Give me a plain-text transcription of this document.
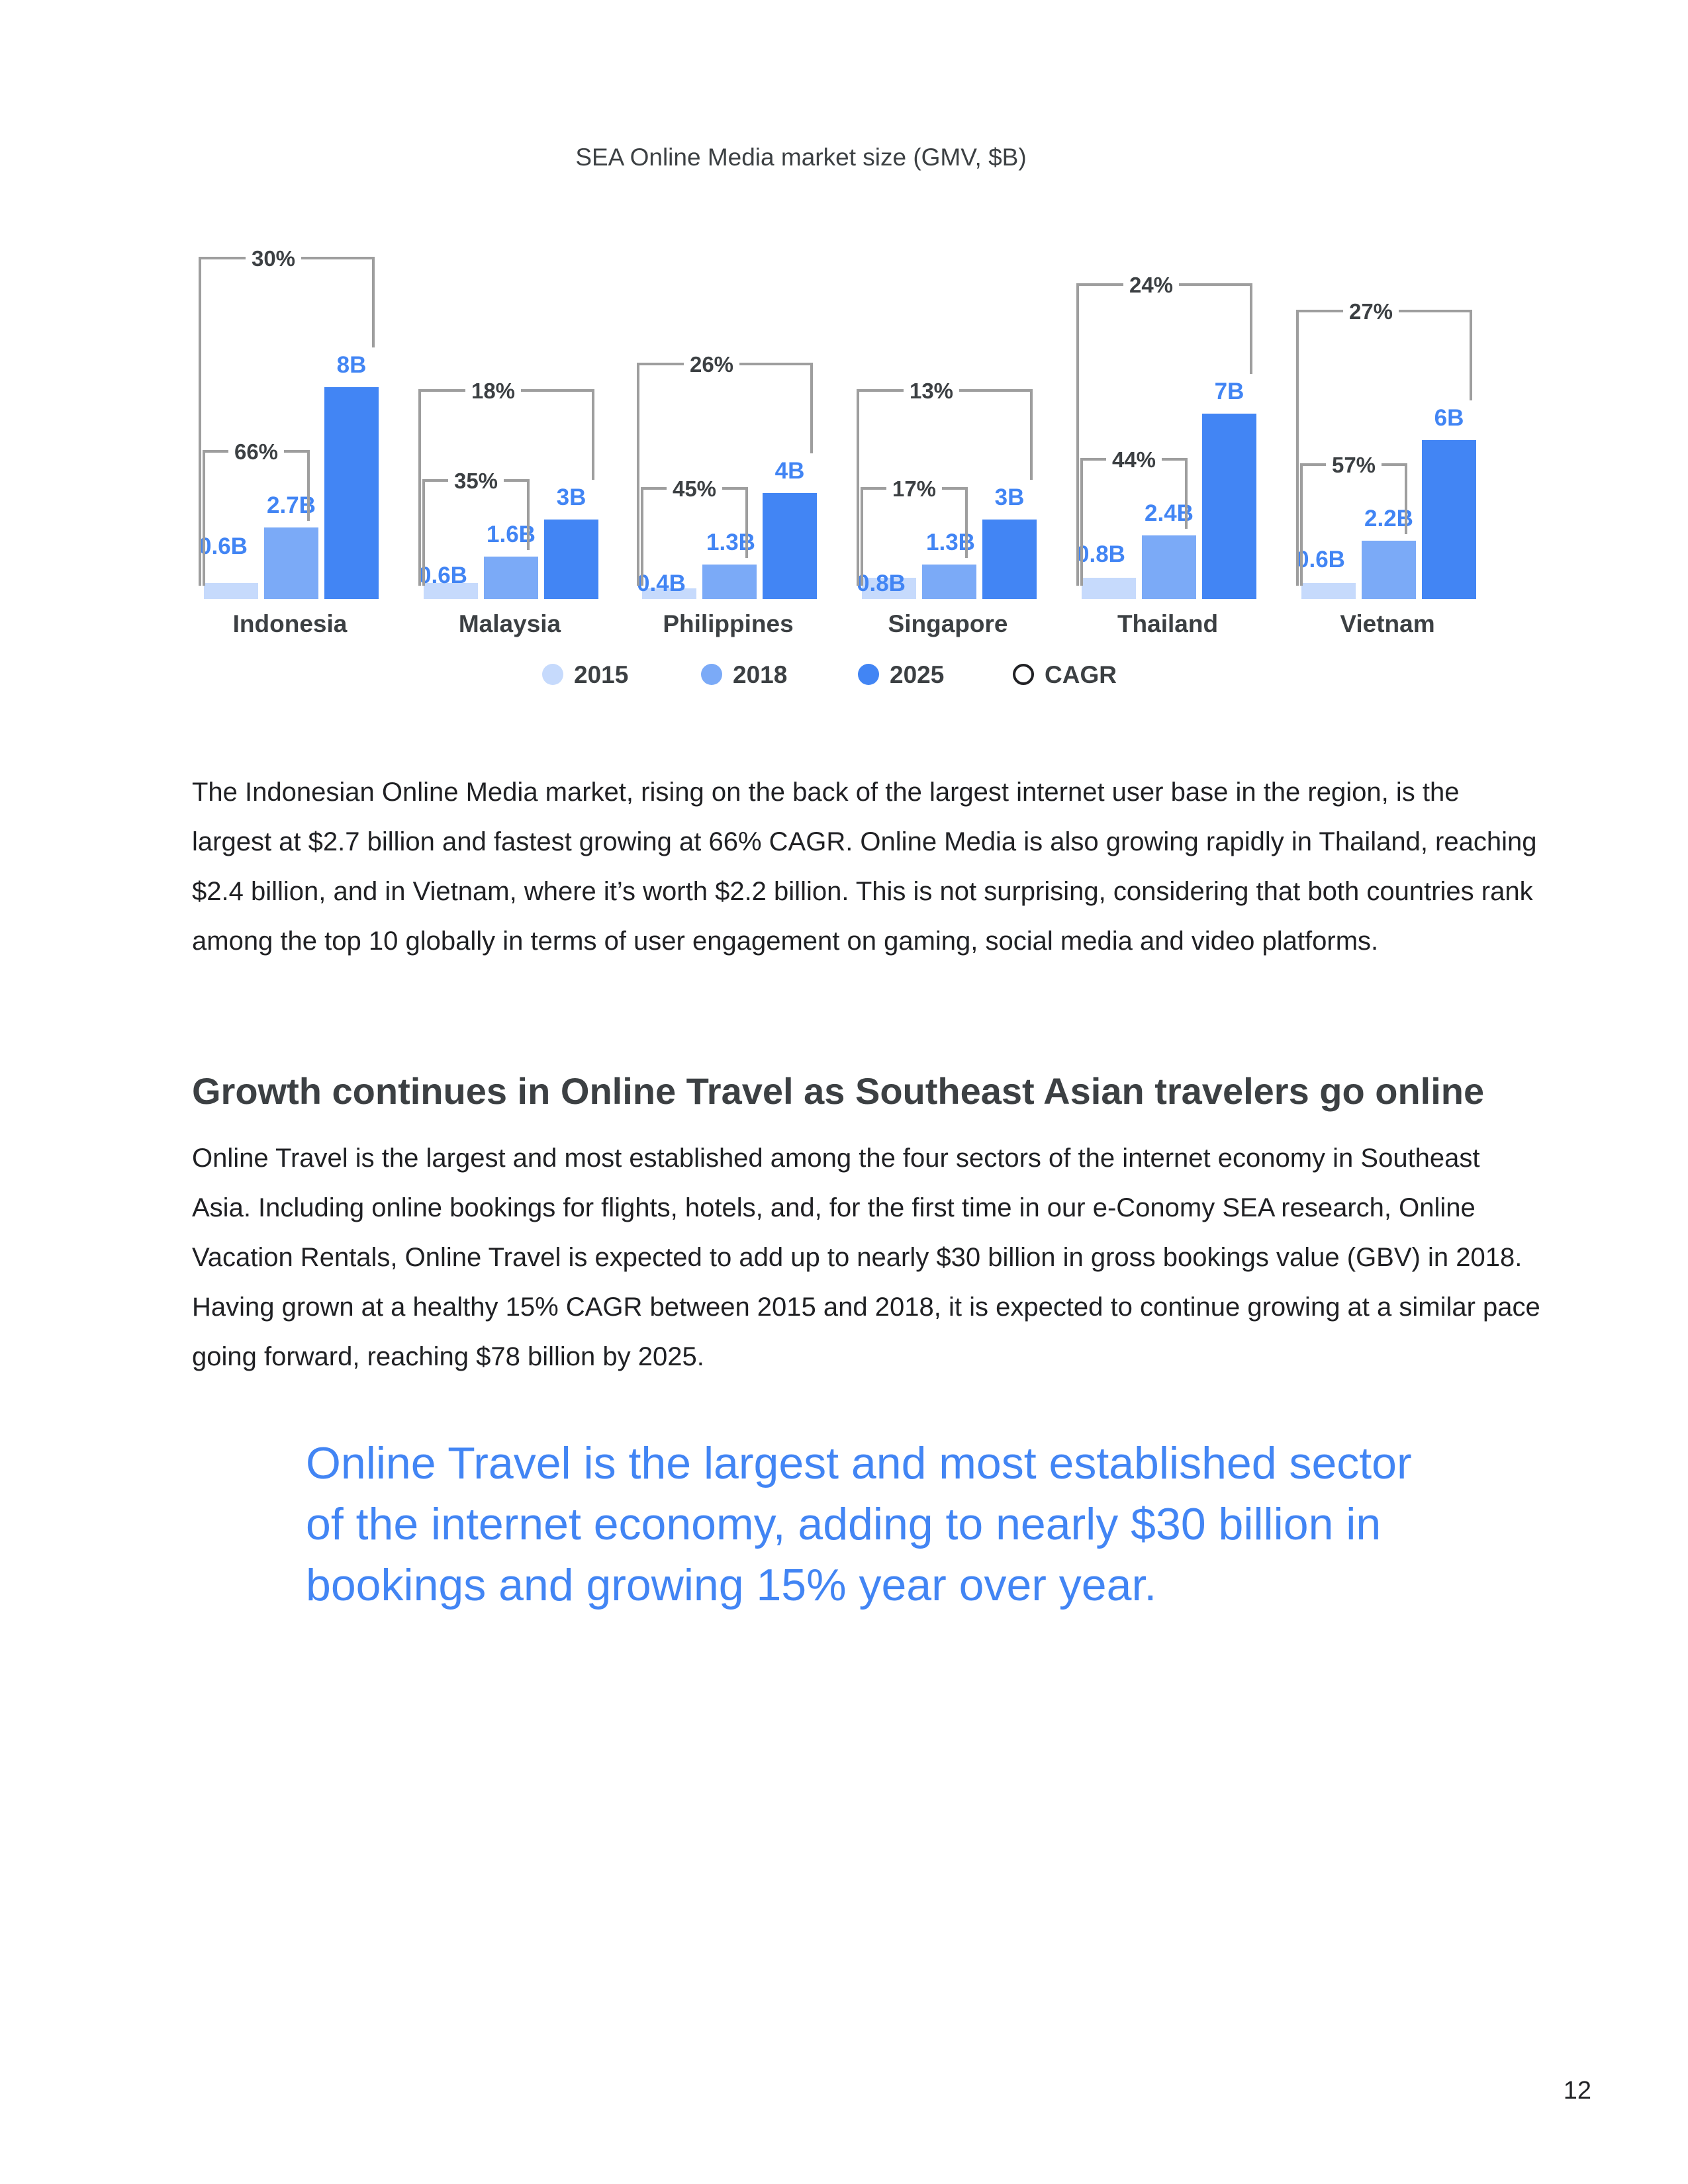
SEA Online Media market size (GMV, $B)
0.6B
2.7B
8B
66%
30%
Indonesia
0.6B
1.6B
3B
35%
18%
Malaysia
0.4B
1.3B
4B
45%
26%
Philippines
0.8B
1.3B
3B
17%
13%
Singapore
0.8B
2.4B
7B
44%
24%
Thailand
0.6B
2.2B
6B
57%
27%
Vietnam
2015	2018	2025	CAGR

The Indonesian Online Media market, rising on the back of the largest internet user base in the region, is the largest at $2.7 billion and fastest growing at 66% CAGR. Online Media is also growing rapidly in Thailand, reaching $2.4 billion, and in Vietnam, where it’s worth $2.2 billion. This is not surprising, considering that both countries rank among the top 10 globally in terms of user engagement on gaming, social media and video platforms.

Growth continues in Online Travel as Southeast Asian travelers go online

Online Travel is the largest and most established among the four sectors of the internet economy in Southeast Asia. Including online bookings for flights, hotels, and, for the first time in our e-Conomy SEA research, Online Vacation Rentals, Online Travel is expected to add up to nearly $30 billion in gross bookings value (GBV) in 2018. Having grown at a healthy 15% CAGR between 2015 and 2018, it is expected to continue growing at a similar pace going forward, reaching $78 billion by 2025.

Online Travel is the largest and most established sector of the internet economy, adding to nearly $30 billion in bookings and growing 15% year over year.

12
